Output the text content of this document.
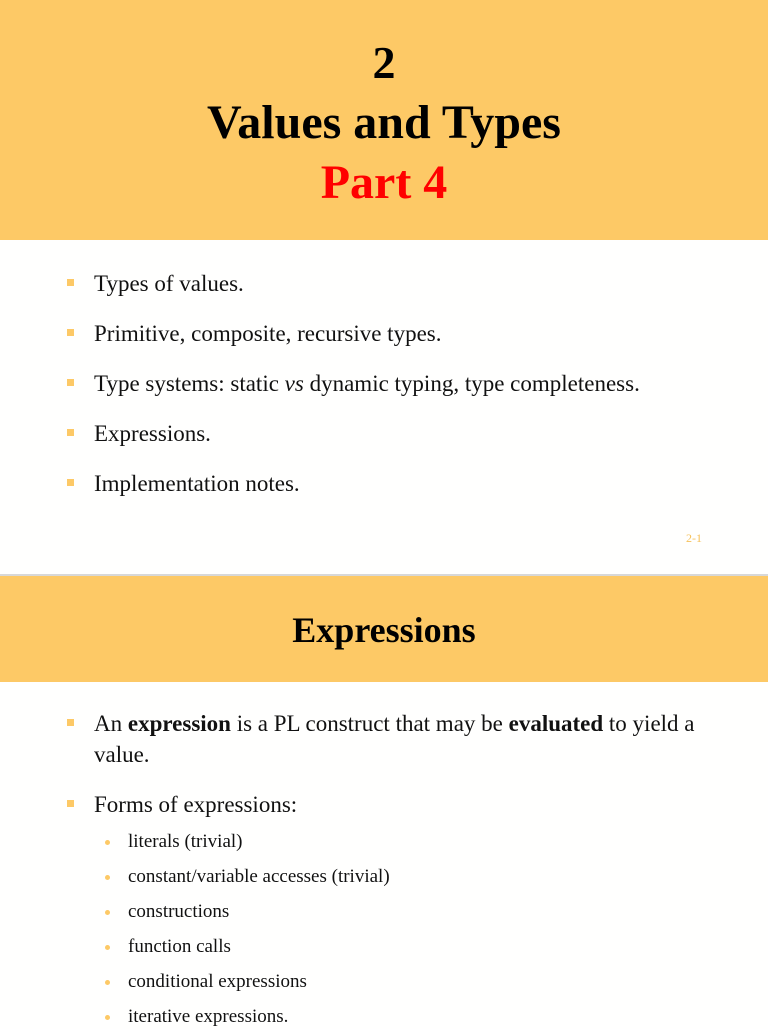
2
Values and Types
Part 4
Types of values.
Primitive, composite, recursive types.
Type systems: static vs dynamic typing, type completeness.
Expressions.
Implementation notes.
2-1
Expressions
An expression is a PL construct that may be evaluated to yield a value.
Forms of expressions:
literals (trivial)
constant/variable accesses (trivial)
constructions
function calls
conditional expressions
iterative expressions.
